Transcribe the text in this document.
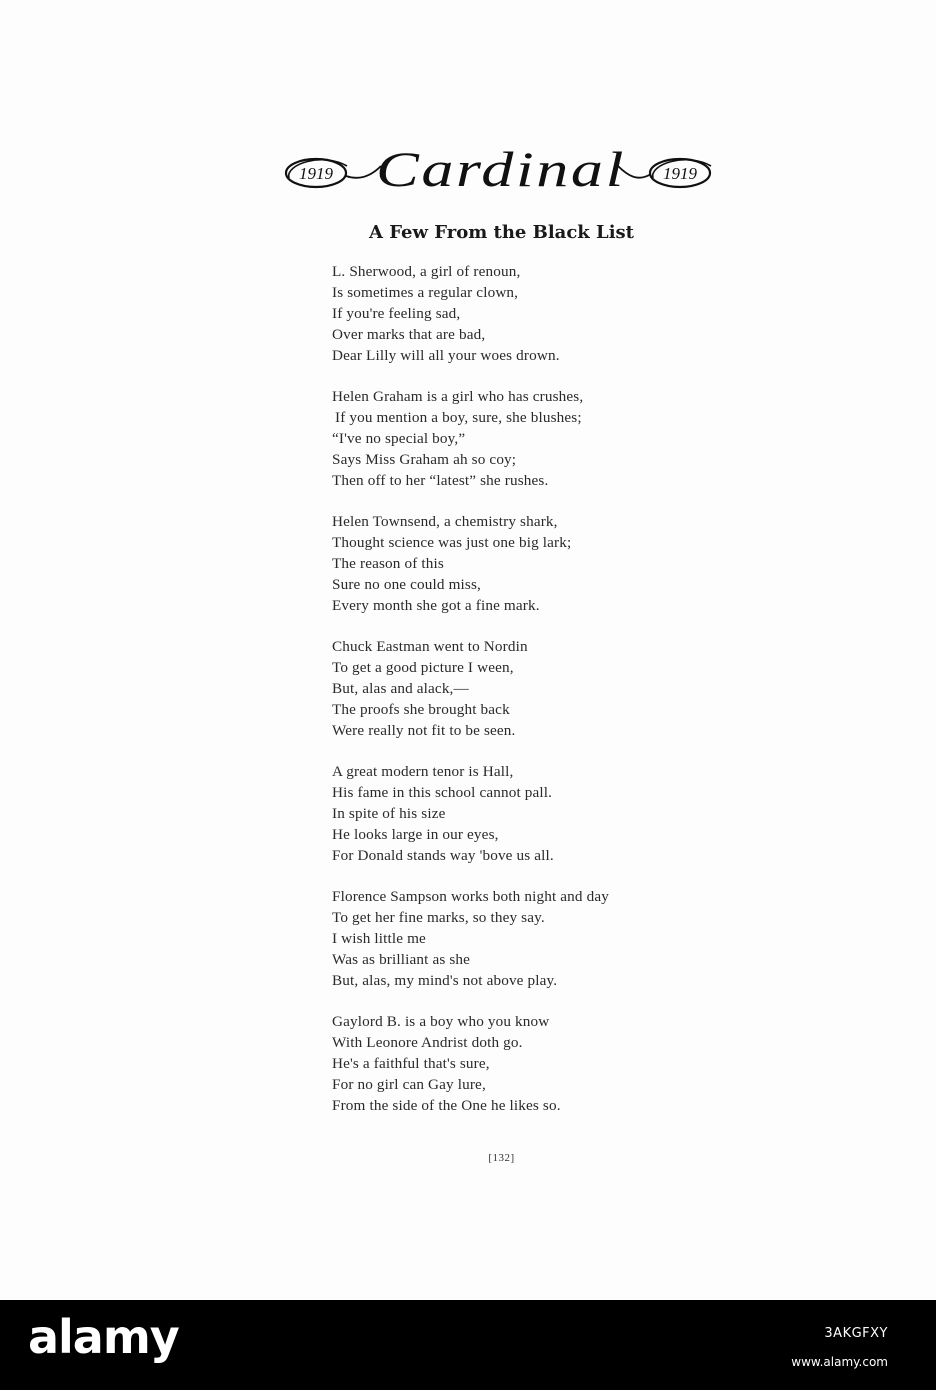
1919 Cardinal 1919
A Few From the Black List
L. Sherwood, a girl of renoun,
Is sometimes a regular clown,
If you're feeling sad,
Over marks that are bad,
Dear Lilly will all your woes drown.
Helen Graham is a girl who has crushes,
If you mention a boy, sure, she blushes;
“I've no special boy,”
Says Miss Graham ah so coy;
Then off to her “latest” she rushes.
Helen Townsend, a chemistry shark,
Thought science was just one big lark;
The reason of this
Sure no one could miss,
Every month she got a fine mark.
Chuck Eastman went to Nordin
To get a good picture I ween,
But, alas and alack,—
The proofs she brought back
Were really not fit to be seen.
A great modern tenor is Hall,
His fame in this school cannot pall.
In spite of his size
He looks large in our eyes,
For Donald stands way 'bove us all.
Florence Sampson works both night and day
To get her fine marks, so they say.
I wish little me
Was as brilliant as she
But, alas, my mind's not above play.
Gaylord B. is a boy who you know
With Leonore Andrist doth go.
He's a faithful that's sure,
For no girl can Gay lure,
From the side of the One he likes so.
[132]
alamy	3AKGFXY
www.alamy.com
